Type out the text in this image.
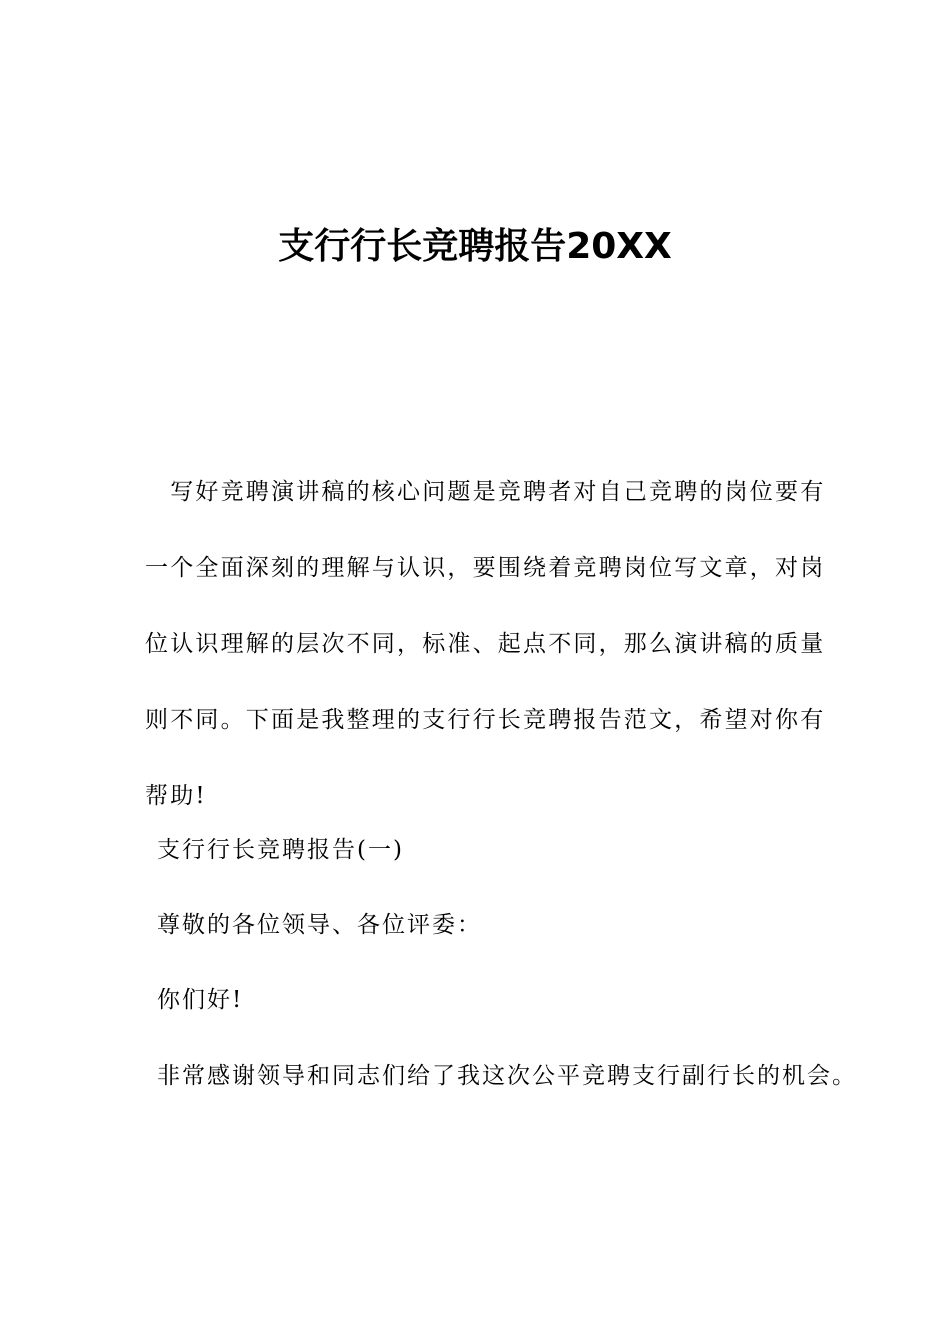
支行行长竞聘报告20XX
　写好竞聘演讲稿的核心问题是竞聘者对自己竞聘的岗位要有
一个全面深刻的理解与认识，要围绕着竞聘岗位写文章，对岗
位认识理解的层次不同，标准、起点不同，那么演讲稿的质量
则不同。下面是我整理的支行行长竞聘报告范文，希望对你有
帮助!

支行行长竞聘报告(一)

尊敬的各位领导、各位评委：

你们好!

非常感谢领导和同志们给了我这次公平竞聘支行副行长的机会。
